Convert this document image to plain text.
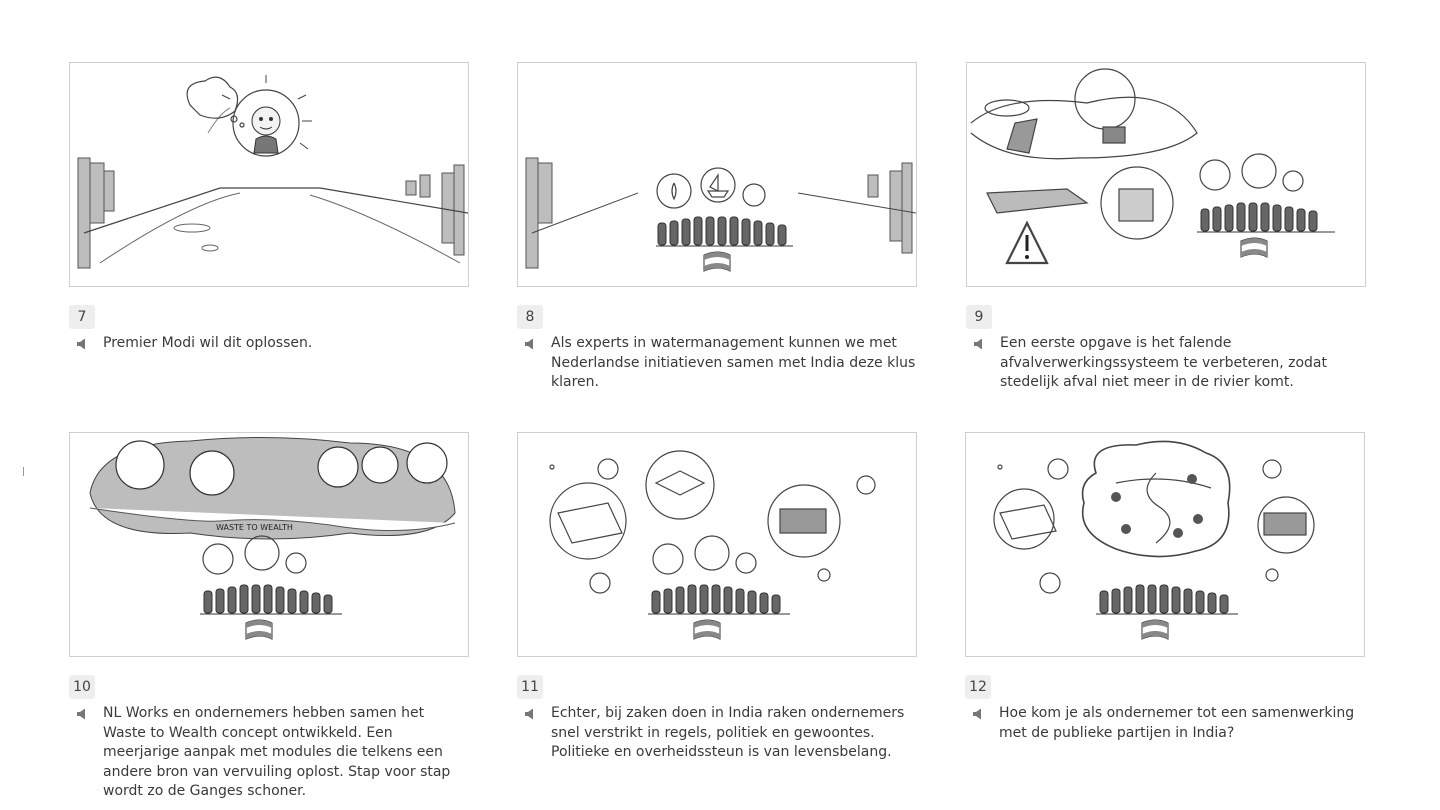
7
Premier Modi wil dit oplossen.
8
Als experts in watermanagement kunnen we met Nederlandse initiatieven samen met India deze klus klaren.
9
Een eerste opgave is het falende afvalverwerkingssysteem te verbeteren, zodat stedelijk afval niet meer in de rivier komt.
WASTE TO WEALTH
10
NL Works en ondernemers hebben samen het Waste to Wealth concept ontwikkeld. Een meerjarige aanpak met modules die telkens een andere bron van vervuiling oplost. Stap voor stap wordt zo de Ganges schoner.
11
Echter, bij zaken doen in India raken ondernemers snel verstrikt in regels, politiek en gewoontes. Politieke en overheidssteun is van levensbelang.
12
Hoe kom je als ondernemer tot een samenwerking met de publieke partijen in India?
